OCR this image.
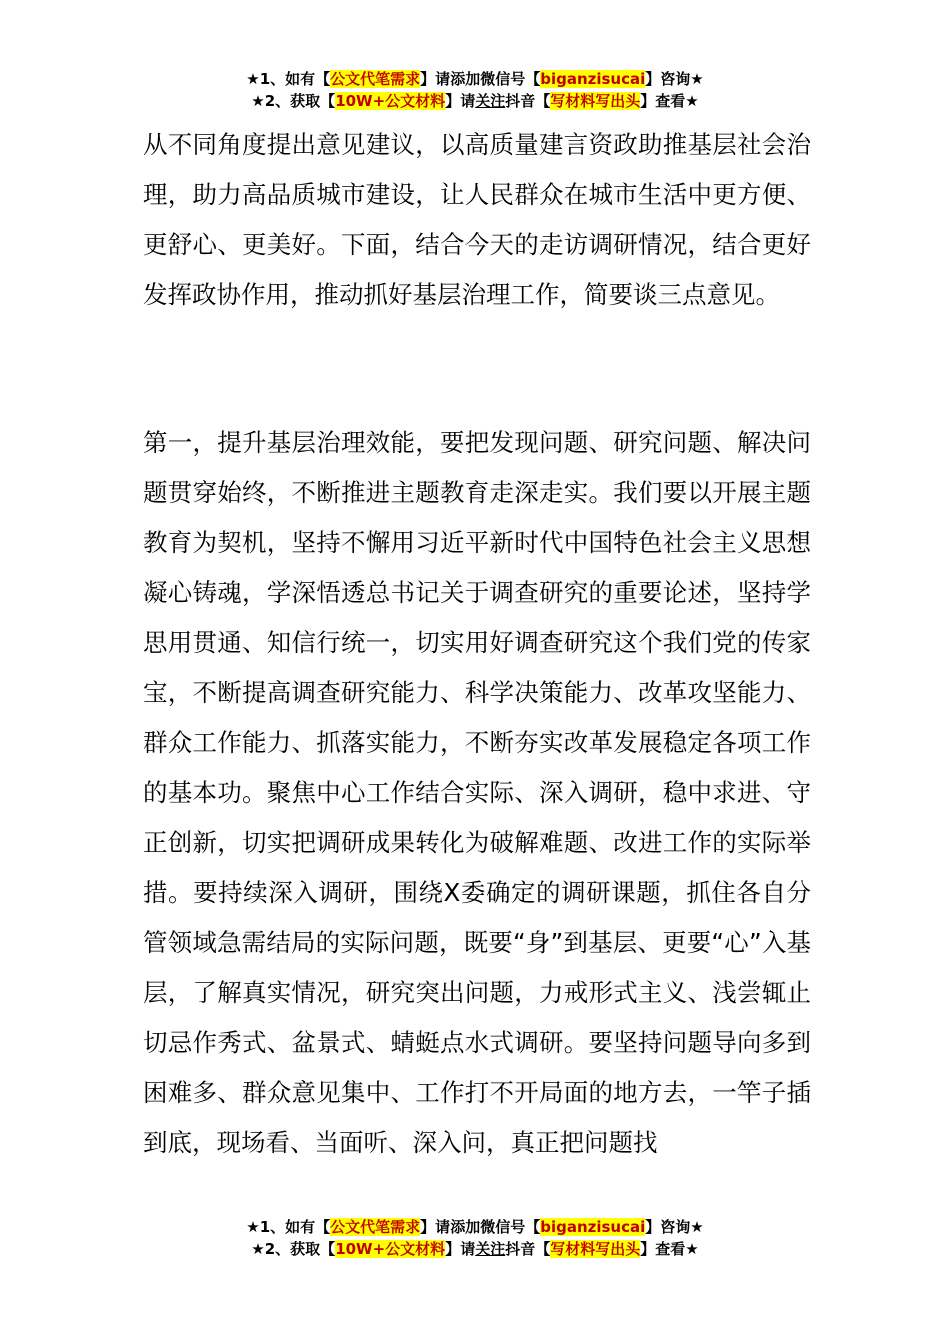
★1、如有【公文代笔需求】请添加微信号【biganzisucai】咨询★
★2、获取【10W+公文材料】请关注抖音【写材料写出头】查看★

从不同角度提出意见建议，以高质量建言资政助推基层社会治理，助力高品质城市建设，让人民群众在城市生活中更方便、更舒心、更美好。下面，结合今天的走访调研情况，结合更好发挥政协作用，推动抓好基层治理工作，简要谈三点意见。

第一，提升基层治理效能，要把发现问题、研究问题、解决问题贯穿始终，不断推进主题教育走深走实。我们要以开展主题教育为契机，坚持不懈用习近平新时代中国特色社会主义思想凝心铸魂，学深悟透总书记关于调查研究的重要论述，坚持学思用贯通、知信行统一，切实用好调查研究这个我们党的传家宝，不断提高调查研究能力、科学决策能力、改革攻坚能力、群众工作能力、抓落实能力，不断夯实改革发展稳定各项工作的基本功。聚焦中心工作结合实际、深入调研，稳中求进、守正创新，切实把调研成果转化为破解难题、改进工作的实际举措。要持续深入调研，围绕X委确定的调研课题，抓住各自分管领域急需结局的实际问题，既要“身”到基层、更要“心”入基层，了解真实情况，研究突出问题，力戒形式主义、浅尝辄止切忌作秀式、盆景式、蜻蜓点水式调研。要坚持问题导向多到困难多、群众意见集中、工作打不开局面的地方去，一竿子插到底，现场看、当面听、深入问，真正把问题找

★1、如有【公文代笔需求】请添加微信号【biganzisucai】咨询★
★2、获取【10W+公文材料】请关注抖音【写材料写出头】查看★
